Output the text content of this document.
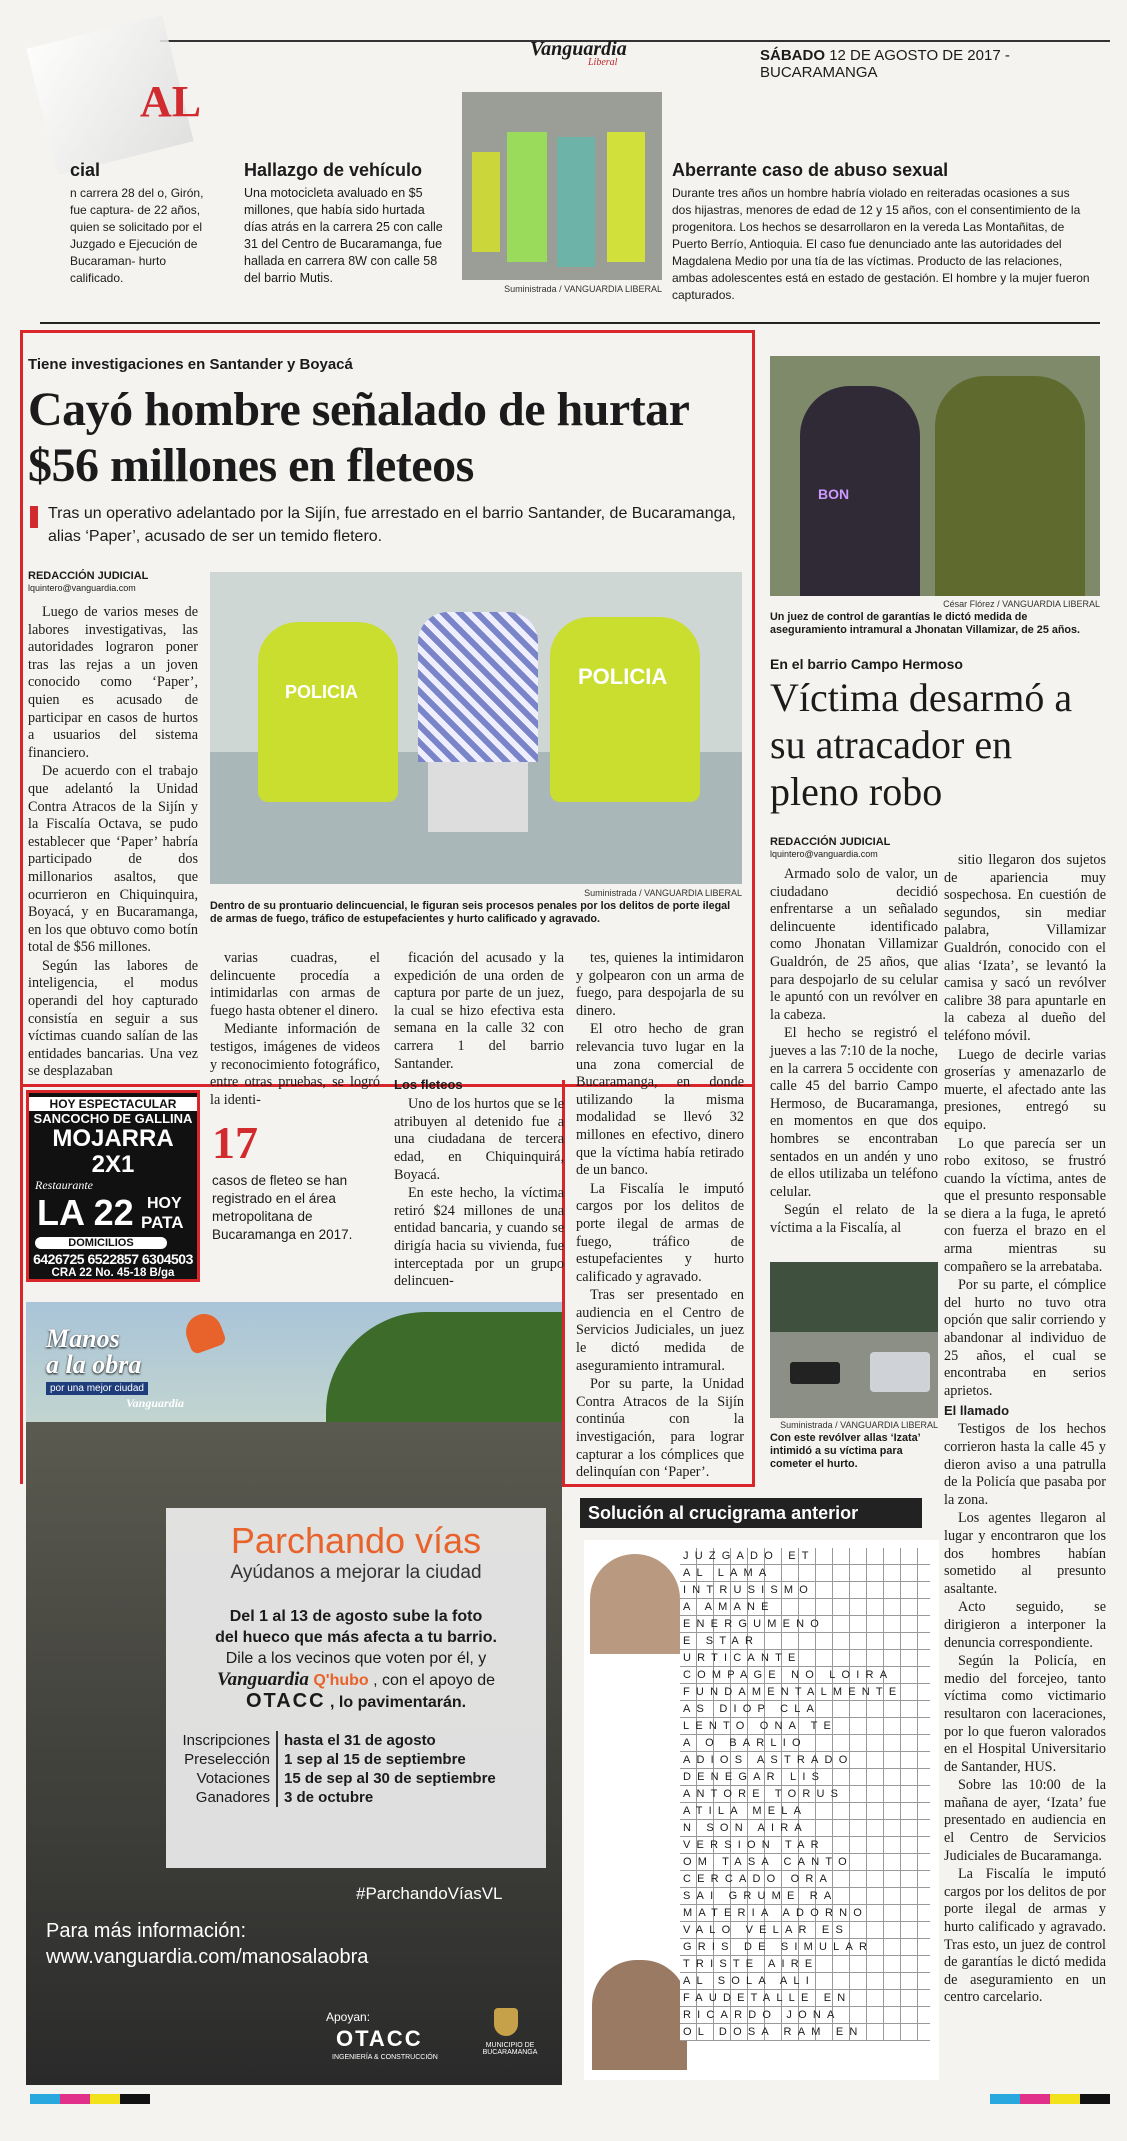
Vanguardia
Liberal	SÁBADO 12 DE AGOSTO DE 2017 - BUCARAMANGA
AL
cial
n carrera 28 del o, Girón, fue captura- de 22 años, quien se solicitado por el Juzgado e Ejecución de Bucaraman- hurto calificado.
Hallazgo de vehículo
Una motocicleta avaluado en $5 millones, que había sido hurtada días atrás en la carrera 25 con calle 31 del Centro de Bucaramanga, fue hallada en carrera 8W con calle 58 del barrio Mutis.
Suministrada / VANGUARDIA LIBERAL
Aberrante caso de abuso sexual
Durante tres años un hombre habría violado en reiteradas ocasiones a sus dos hijastras, menores de edad de 12 y 15 años, con el consentimiento de la progenitora. Los hechos se desarrollaron en la vereda Las Montañitas, de Puerto Berrío, Antioquia. El caso fue denunciado ante las autoridades del Magdalena Medio por una tía de las víctimas. Producto de las relaciones, ambas adolescentes está en estado de gestación. El hombre y la mujer fueron capturados.
Tiene investigaciones en Santander y Boyacá
Cayó hombre señalado de hurtar $56 millones en fleteos
Tras un operativo adelantado por la Sijín, fue arrestado en el barrio Santander, de Bucaramanga, alias ‘Paper’, acusado de ser un temido fletero.
REDACCIÓN JUDICIAL
lquintero@vanguardia.com

Luego de varios meses de labores investigativas, las autoridades lograron poner tras las rejas a un joven conocido como ‘Paper’, quien es acusado de participar en casos de hurtos a usuarios del sistema financiero.

De acuerdo con el trabajo que adelantó la Unidad Contra Atracos de la Sijín y la Fiscalía Octava, se pudo establecer que ‘Paper’ habría participado de dos millonarios asaltos, que ocurrieron en Chiquinquira, Boyacá, y en Bucaramanga, en los que obtuvo como botín total de $56 millones.

Según las labores de inteligencia, el modus operandi del hoy capturado consistía en seguir a sus víctimas cuando salían de las entidades bancarias. Una vez se desplazaban

POLICIA
POLICIA
Suministrada / VANGUARDIA LIBERAL
Dentro de su prontuario delincuencial, le figuran seis procesos penales por los delitos de porte ilegal de armas de fuego, tráfico de estupefacientes y hurto calificado y agravado.

varias cuadras, el delincuente procedía a intimidarlas con armas de fuego hasta obtener el dinero.

Mediante información de testigos, imágenes de videos y reconocimiento fotográfico, entre otras pruebas, se logró la identi-

ficación del acusado y la expedición de una orden de captura por parte de un juez, la cual se hizo efectiva esta semana en la calle 32 con carrera 1 del barrio Santander.

Los fleteos

Uno de los hurtos que se le atribuyen al detenido fue a una ciudadana de tercera edad, en Chiquinquirá, Boyacá.

En este hecho, la víctima retiró $24 millones de una entidad bancaria, y cuando se dirigía hacia su vivienda, fue interceptada por un grupo delincuen-

tes, quienes la intimidaron y golpearon con un arma de fuego, para despojarla de su dinero.

El otro hecho de gran relevancia tuvo lugar en la una zona comercial de Bucaramanga, en donde utilizando la misma modalidad se llevó 32 millones en efectivo, dinero que la víctima había retirado de un banco.

La Fiscalía le imputó cargos por los delitos de porte ilegal de armas de fuego, tráfico de estupefacientes y hurto calificado y agravado.

Tras ser presentado en audiencia en el Centro de Servicios Judiciales, un juez le dictó medida de aseguramiento intramural.

Por su parte, la Unidad Contra Atracos de la Sijín continúa con la investigación, para lograr capturar a los cómplices que delinquían con ‘Paper’.

17
casos de fleteo se han registrado en el área metropolitana de Bucaramanga en 2017.
HOY ESPECTACULAR
SANCOCHO DE GALLINA
MOJARRA 2X1
Restaurante
LA 22 HOY
PATA
DOMICILIOS
6426725 6522857 6304503
CRA 22 No. 45-18 B/ga
BON
César Flórez / VANGUARDIA LIBERAL
Un juez de control de garantías le dictó medida de aseguramiento intramural a Jhonatan Villamizar, de 25 años.
En el barrio Campo Hermoso
Víctima desarmó a su atracador en pleno robo
REDACCIÓN JUDICIAL
lquintero@vanguardia.com

Armado solo de valor, un ciudadano decidió enfrentarse a un señalado delincuente identificado como Jhonatan Villamizar Gualdrón, de 25 años, que para despojarlo de su celular le apuntó con un revólver en la cabeza.

El hecho se registró el jueves a las 7:10 de la noche, en la carrera 5 occidente con calle 45 del barrio Campo Hermoso, de Bucaramanga, en momentos en que dos hombres se encontraban sentados en un andén y uno de ellos utilizaba un teléfono celular.

Según el relato de la víctima a la Fiscalía, al

Suministrada / VANGUARDIA LIBERAL
Con este revólver allas ‘Izata’ intimidó a su víctima para cometer el hurto.

sitio llegaron dos sujetos de apariencia muy sospechosa. En cuestión de segundos, sin mediar palabra, Villamizar Gualdrón, conocido con el alias ‘Izata’, se levantó la camisa y sacó un revólver calibre 38 para apuntarle en la cabeza al dueño del teléfono móvil.

Luego de decirle varias groserías y amenazarlo de muerte, el afectado ante las presiones, entregó su equipo.

Lo que parecía ser un robo exitoso, se frustró cuando la víctima, antes de que el presunto responsable se diera a la fuga, le apretó con fuerza el brazo en el arma mientras su compañero se la arrebataba.

Por su parte, el cómplice del hurto no tuvo otra opción que salir corriendo y abandonar al individuo de 25 años, el cual se encontraba en serios aprietos.

El llamado

Testigos de los hechos corrieron hasta la calle 45 y dieron aviso a una patrulla de la Policía que pasaba por la zona.

Los agentes llegaron al lugar y encontraron que los dos hombres habían sometido al presunto asaltante.

Acto seguido, se dirigieron a interponer la denuncia correspondiente.

Según la Policía, en medio del forcejeo, tanto víctima como victimario resultaron con laceraciones, por lo que fueron valorados en el Hospital Universitario de Santander, HUS.

Sobre las 10:00 de la mañana de ayer, ‘Izata’ fue presentado en audiencia en el Centro de Servicios Judiciales de Bucaramanga.

La Fiscalía le imputó cargos por los delitos de por porte ilegal de armas y hurto calificado y agravado. Tras esto, un juez de control de garantías le dictó medida de aseguramiento en un centro carcelario.

Solución al crucigrama anterior
JUZGADO ET
AL LAMA
INTRUSISMO
A AMANE
ENERGUMENO
E STAR
URTICANTE
COMPAGE NO LOIRA
FUNDAMENTALMENTE
AS DIOP CLA
LENTO ONA TE
A O BARLIO
ADIOS ASTRADO
DENEGAR LIS
ANTORE TORUS
ATILA MELA
N SON AIRA
VERSION TAR
OM TASA CANTO
CERCADO ORA
SAI GRUME RA
MATERIA ADORNO
VALO VELAR ES
GRIS DE SIMULAR
TRISTE AIRE
AL SOLA ALI
FAUDETALLE EN
RICARDO JONA
OL DOSA RAM EN
Manos
a la obra
por una mejor ciudad
Vanguardia
Parchando vías
Ayúdanos a mejorar la ciudad
Del 1 al 13 de agosto sube la foto
del hueco que más afecta a tu barrio.
Dile a los vecinos que voten por él, y
Vanguardia Q'hubo , con el apoyo de
OTACC , lo pavimentarán.
Inscripciones hasta el 31 de agosto
Preselección 1 sep al 15 de septiembre
Votaciones 15 de sep al 30 de septiembre
Ganadores 3 de octubre
#ParchandoVíasVL
Para más información:
www.vanguardia.com/manosalaobra
Apoyan:
OTACC
INGENIERÍA & CONSTRUCCIÓN
MUNICIPIO DE BUCARAMANGA
